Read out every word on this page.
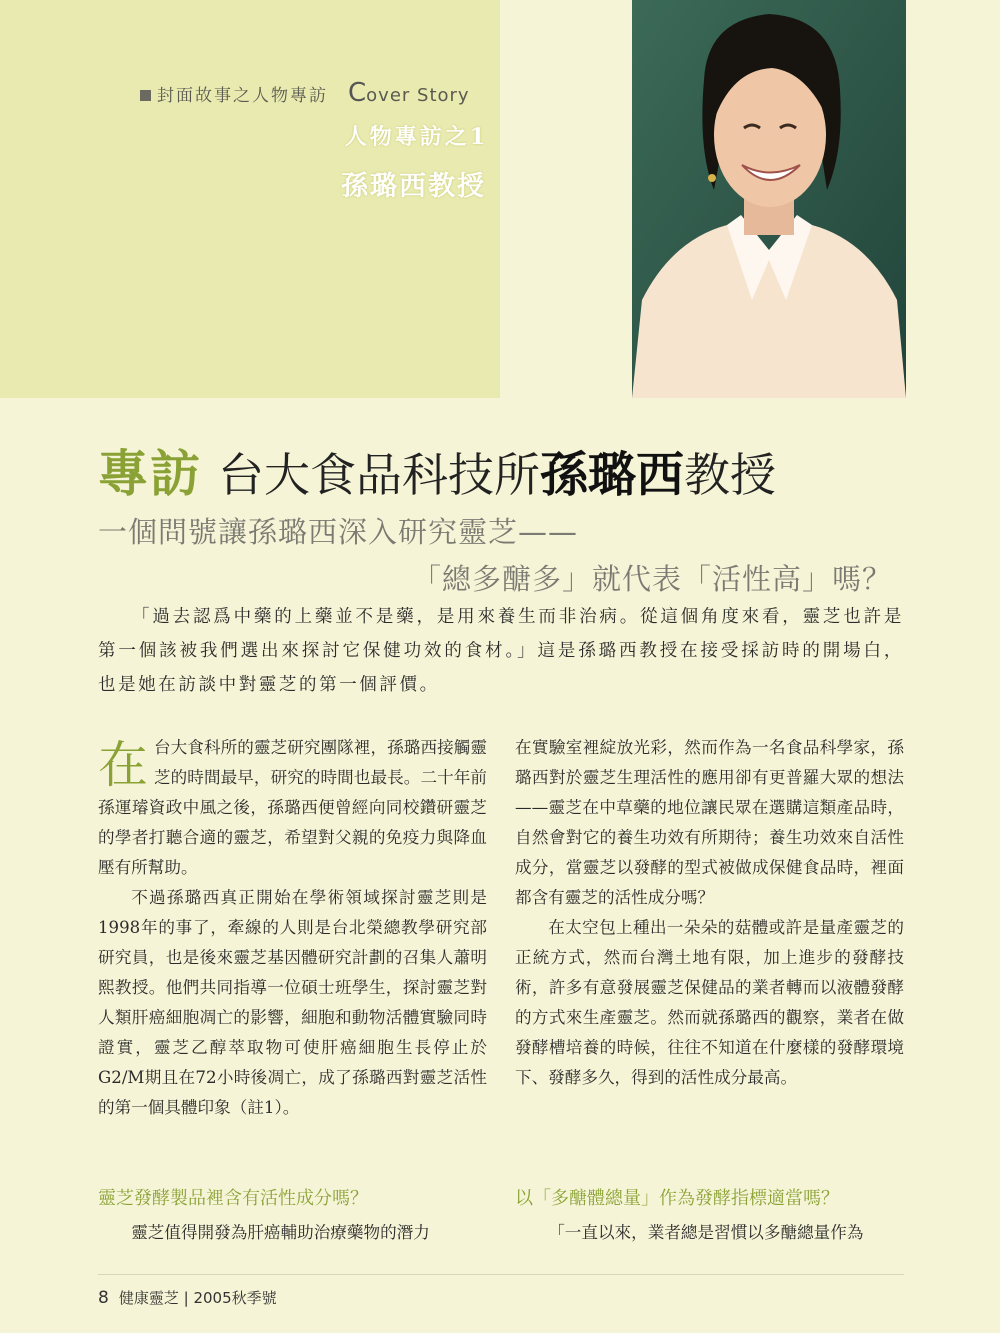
封面故事之人物專訪 Cover Story
人物專訪之1
孫璐西教授
專訪 台大食品科技所孫璐西教授
一個問號讓孫璐西深入研究靈芝——
「總多醣多」就代表「活性高」嗎？

「過去認爲中藥的上藥並不是藥，是用來養生而非治病。從這個角度來看，靈芝也許是第一個該被我們選出來探討它保健功效的食材。」這是孫璐西教授在接受採訪時的開場白，也是她在訪談中對靈芝的第一個評價。

在台大食科所的靈芝研究團隊裡，孫璐西接觸靈芝的時間最早，研究的時間也最長。二十年前孫運璿資政中風之後，孫璐西便曾經向同校鑽研靈芝的學者打聽合適的靈芝，希望對父親的免疫力與降血壓有所幫助。

不過孫璐西真正開始在學術領域探討靈芝則是1998年的事了，牽線的人則是台北榮總教學研究部研究員，也是後來靈芝基因體研究計劃的召集人蕭明熙教授。他們共同指導一位碩士班學生，探討靈芝對人類肝癌細胞凋亡的影響，細胞和動物活體實驗同時證實，靈芝乙醇萃取物可使肝癌細胞生長停止於G2/M期且在72小時後凋亡，成了孫璐西對靈芝活性的第一個具體印象（註1）。

在實驗室裡綻放光彩，然而作為一名食品科學家，孫璐西對於靈芝生理活性的應用卻有更普羅大眾的想法——靈芝在中草藥的地位讓民眾在選購這類產品時，自然會對它的養生功效有所期待；養生功效來自活性成分，當靈芝以發酵的型式被做成保健食品時，裡面都含有靈芝的活性成分嗎？

在太空包上種出一朵朵的菇體或許是量產靈芝的正統方式，然而台灣土地有限，加上進步的發酵技術，許多有意發展靈芝保健品的業者轉而以液體發酵的方式來生產靈芝。然而就孫璐西的觀察，業者在做發酵槽培養的時候，往往不知道在什麼樣的發酵環境下、發酵多久，得到的活性成分最高。

靈芝發酵製品裡含有活性成分嗎？

靈芝值得開發為肝癌輔助治療藥物的潛力

以「多醣體總量」作為發酵指標適當嗎？

「一直以來，業者總是習慣以多醣總量作為

8 健康靈芝 | 2005秋季號
